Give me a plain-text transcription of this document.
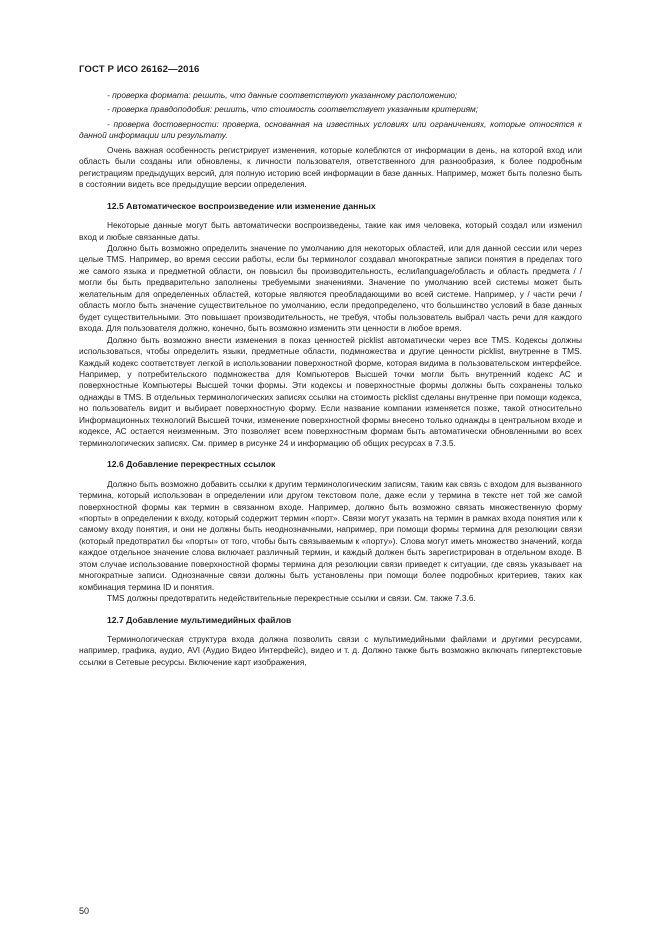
ГОСТ Р ИСО 26162—2016

- проверка формата: решить, что данные соответствуют указанному расположению;

- проверка правдоподобия: решить, что стоимость соответствует указанным критериям;

- проверка достоверности: проверка, основанная на известных условиях или ограничениях, которые относятся к данной информации или результату.

Очень важная особенность регистрирует изменения, которые колеблются от информации в день, на которой вход или область были созданы или обновлены, к личности пользователя, ответственного для разнообразия, к более подробным регистрациям предыдущих версий, для полную историю всей информации в базе данных. Например, может быть полезно быть в состоянии видеть все предыдущие версии определения.

12.5 Автоматическое воспроизведение или изменение данных

Некоторые данные могут быть автоматически воспроизведены, такие как имя человека, который создал или изменил вход и любые связанные даты.

Должно быть возможно определить значение по умолчанию для некоторых областей, или для данной сессии или через целые TMS. Например, во время сессии работы, если бы терминолог создавал многократные записи понятия в пределах того же самого языка и предметной области, он повысил бы производительность, если/language/область и область предмета / / могли бы быть предварительно заполнены требуемыми значениями. Значение по умолчанию всей системы может быть желательным для определенных областей, которые являются преобладающими во всей системе. Например, у / части речи / область могло быть значение существительное по умолчанию, если предопределено, что большинство условий в базе данных будет существительными. Это повышает производительность, не требуя, чтобы пользователь выбрал часть речи для каждого входа. Для пользователя должно, конечно, быть возможно изменить эти ценности в любое время.

Должно быть возможно внести изменения в показ ценностей picklist автоматически через все TMS. Кодексы должны использоваться, чтобы определить языки, предметные области, подмножества и другие ценности picklist, внутренне в TMS. Каждый кодекс соответствует легкой в использовании поверхностной форме, которая видима в пользовательском интерфейсе. Например, у потребительского подмножества для Компьютеров Высшей точки могли быть внутренний кодекс АС и поверхностные Компьютеры Высшей точки формы. Эти кодексы и поверхностные формы должны быть сохранены только однажды в TMS. В отдельных терминологических записях ссылки на стоимость picklist сделаны внутренне при помощи кодекса, но пользователь видит и выбирает поверхностную форму. Если название компании изменяется позже, такой относительно Информационных технологий Высшей точки, изменение поверхностной формы внесено только однажды в центральном входе и кодексе, АС остается неизменным. Это позволяет всем поверхностным формам быть автоматически обновленными во всех терминологических записях. См. пример в рисунке 24 и информацию об общих ресурсах в 7.3.5.

12.6 Добавление перекрестных ссылок

Должно быть возможно добавить ссылки к другим терминологическим записям, таким как связь с входом для вызванного термина, который использован в определении или другом текстовом поле, даже если у термина в тексте нет той же самой поверхностной формы как термин в связанном входе. Например, должно быть возможно связать множественную форму «порты» в определении к входу, который содержит термин «порт». Связи могут указать на термин в рамках входа понятия или к самому входу понятия, и они не должны быть неоднозначными, например, при помощи формы термина для резолюции связи (который предотвратил бы «порты» от того, чтобы быть связываемым к «порту»). Слова могут иметь множество значений, когда каждое отдельное значение слова включает различный термин, и каждый должен быть зарегистрирован в отдельном входе. В этом случае использование поверхностной формы термина для резолюции связи приведет к ситуации, где связь указывает на многократные записи. Однозначные связи должны быть установлены при помощи более подробных критериев, таких как комбинация термина ID и понятия.

TMS должны предотвратить недействительные перекрестные ссылки и связи. См. также 7.3.6.

12.7 Добавление мультимедийных файлов

Терминологическая структура входа должна позволить связи с мультимедийными файлами и другими ресурсами, например, графика, аудио, AVI (Аудио Видео Интерфейс), видео и т. д. Должно также быть возможно включать гипертекстовые ссылки в Сетевые ресурсы. Включение карт изображения,

50
